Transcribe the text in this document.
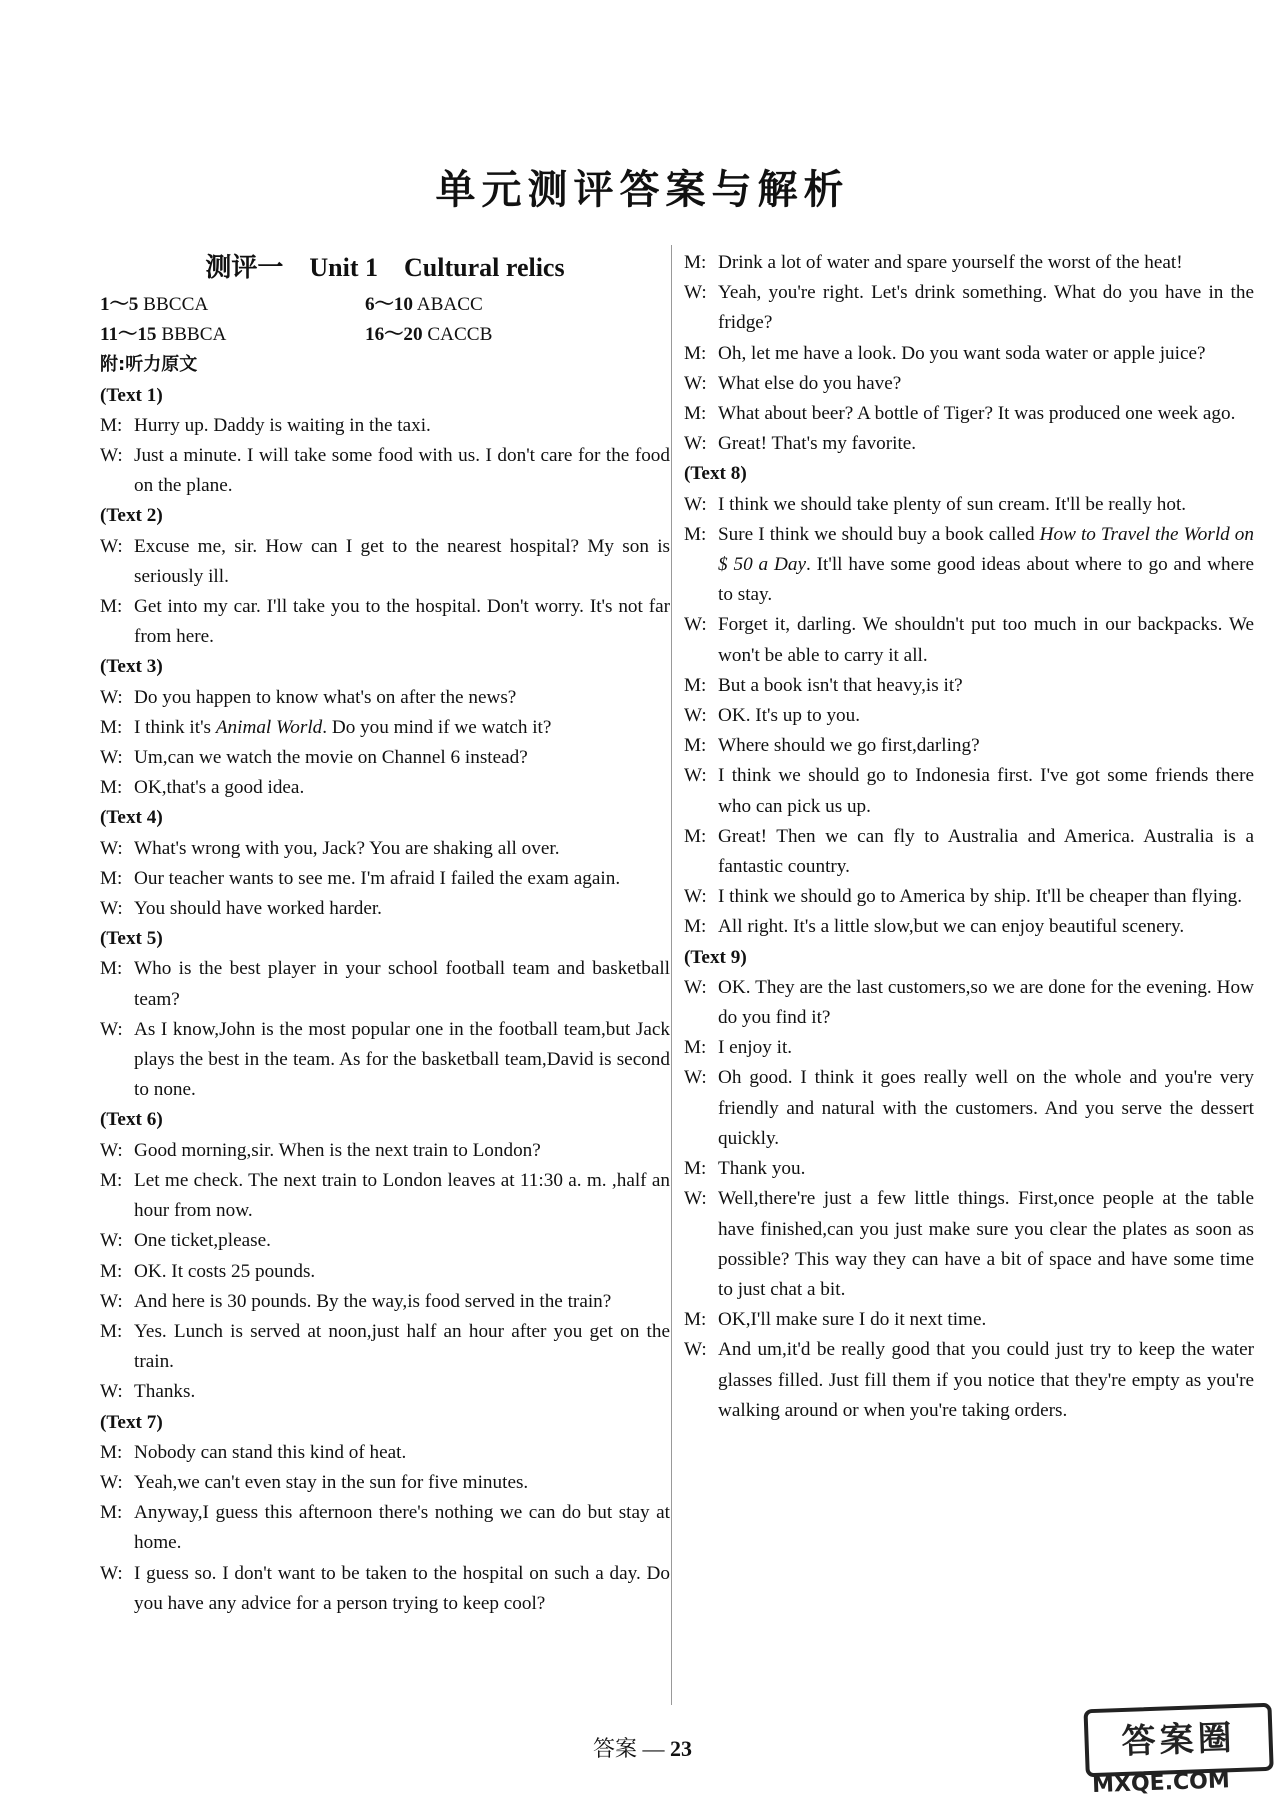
单元测评答案与解析
测评一 Unit 1 Cultural relics
1～5 BBCCA	6～10 ABACC
11～15 BBBCA	16～20 CACCB
附:听力原文
(Text 1)
M: Hurry up. Daddy is waiting in the taxi.
W: Just a minute. I will take some food with us. I don't care for the food on the plane.
(Text 2)
W: Excuse me, sir. How can I get to the nearest hospital? My son is seriously ill.
M: Get into my car. I'll take you to the hospital. Don't worry. It's not far from here.
(Text 3)
W: Do you happen to know what's on after the news?
M: I think it's Animal World. Do you mind if we watch it?
W: Um,can we watch the movie on Channel 6 instead?
M: OK,that's a good idea.
(Text 4)
W: What's wrong with you, Jack? You are shaking all over.
M: Our teacher wants to see me. I'm afraid I failed the exam again.
W: You should have worked harder.
(Text 5)
M: Who is the best player in your school football team and basketball team?
W: As I know,John is the most popular one in the football team,but Jack plays the best in the team. As for the basketball team,David is second to none.
(Text 6)
W: Good morning,sir. When is the next train to London?
M: Let me check. The next train to London leaves at 11:30 a. m. ,half an hour from now.
W: One ticket,please.
M: OK. It costs 25 pounds.
W: And here is 30 pounds. By the way,is food served in the train?
M: Yes. Lunch is served at noon,just half an hour after you get on the train.
W: Thanks.
(Text 7)
M: Nobody can stand this kind of heat.
W: Yeah,we can't even stay in the sun for five minutes.
M: Anyway,I guess this afternoon there's nothing we can do but stay at home.
W: I guess so. I don't want to be taken to the hospital on such a day. Do you have any advice for a person trying to keep cool?
M: Drink a lot of water and spare yourself the worst of the heat!
W: Yeah, you're right. Let's drink something. What do you have in the fridge?
M: Oh, let me have a look. Do you want soda water or apple juice?
W: What else do you have?
M: What about beer? A bottle of Tiger? It was produced one week ago.
W: Great! That's my favorite.
(Text 8)
W: I think we should take plenty of sun cream. It'll be really hot.
M: Sure I think we should buy a book called How to Travel the World on $ 50 a Day. It'll have some good ideas about where to go and where to stay.
W: Forget it, darling. We shouldn't put too much in our backpacks. We won't be able to carry it all.
M: But a book isn't that heavy,is it?
W: OK. It's up to you.
M: Where should we go first,darling?
W: I think we should go to Indonesia first. I've got some friends there who can pick us up.
M: Great! Then we can fly to Australia and America. Australia is a fantastic country.
W: I think we should go to America by ship. It'll be cheaper than flying.
M: All right. It's a little slow,but we can enjoy beautiful scenery.
(Text 9)
W: OK. They are the last customers,so we are done for the evening. How do you find it?
M: I enjoy it.
W: Oh good. I think it goes really well on the whole and you're very friendly and natural with the customers. And you serve the dessert quickly.
M: Thank you.
W: Well,there're just a few little things. First,once people at the table have finished,can you just make sure you clear the plates as soon as possible? This way they can have a bit of space and have some time to just chat a bit.
M: OK,I'll make sure I do it next time.
W: And um,it'd be really good that you could just try to keep the water glasses filled. Just fill them if you notice that they're empty as you're walking around or when you're taking orders.
答案 — 23	答案圈
MXQE.COM
